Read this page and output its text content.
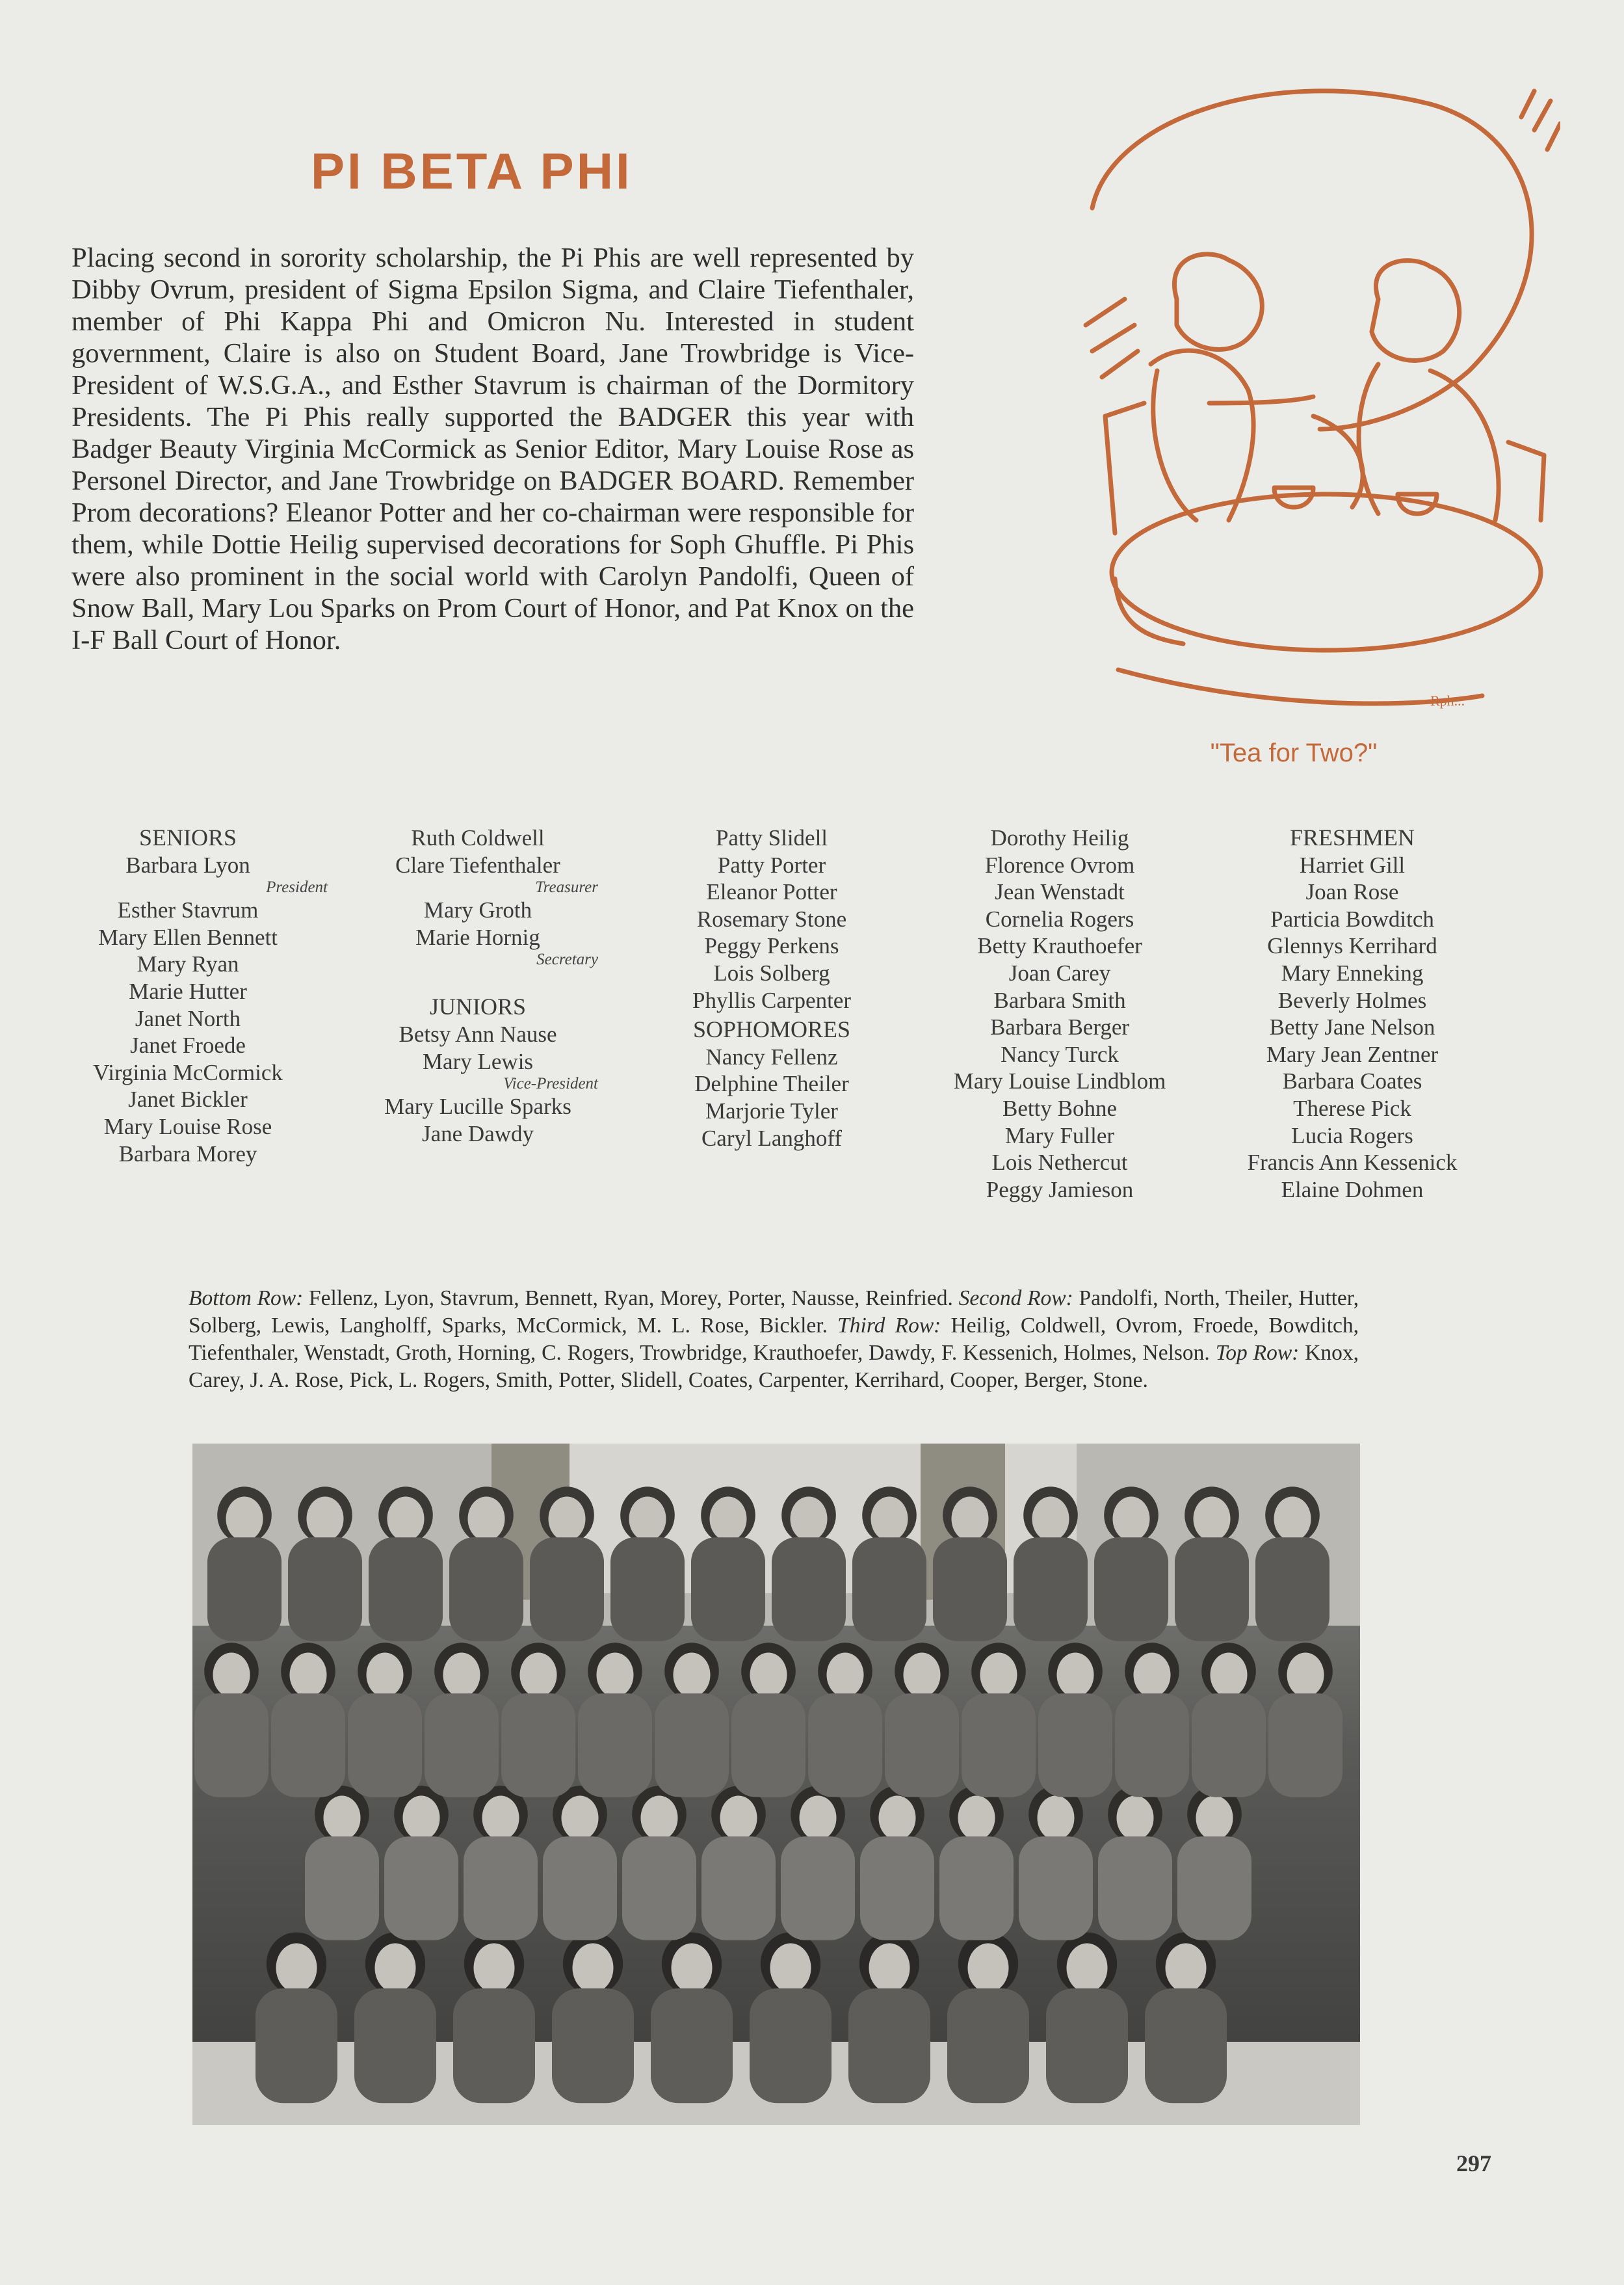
PI BETA PHI

Placing second in sorority scholarship, the Pi Phis are well represented by Dibby Ovrum, president of Sigma Epsilon Sigma, and Claire Tiefenthaler, member of Phi Kappa Phi and Omicron Nu. Interested in student government, Claire is also on Student Board, Jane Trowbridge is Vice-President of W.S.G.A., and Esther Stavrum is chairman of the Dormitory Presidents. The Pi Phis really supported the BADGER this year with Badger Beauty Virginia McCormick as Senior Editor, Mary Louise Rose as Personel Director, and Jane Trowbridge on BADGER BOARD. Remember Prom decorations? Eleanor Potter and her co-chairman were responsible for them, while Dottie Heilig supervised decorations for Soph Ghuffle. Pi Phis were also prominent in the social world with Carolyn Pandolfi, Queen of Snow Ball, Mary Lou Sparks on Prom Court of Honor, and Pat Knox on the I-F Ball Court of Honor.

Rph...
"Tea for Two?"
SENIORS
Barbara Lyon
President
Esther Stavrum
Mary Ellen Bennett
Mary Ryan
Marie Hutter
Janet North
Janet Froede
Virginia McCormick
Janet Bickler
Mary Louise Rose
Barbara Morey
Ruth Coldwell
Clare Tiefenthaler
Treasurer
Mary Groth
Marie Hornig
Secretary
JUNIORS
Betsy Ann Nause
Mary Lewis
Vice-President
Mary Lucille Sparks
Jane Dawdy
Patty Slidell
Patty Porter
Eleanor Potter
Rosemary Stone
Peggy Perkens
Lois Solberg
Phyllis Carpenter
SOPHOMORES
Nancy Fellenz
Delphine Theiler
Marjorie Tyler
Caryl Langhoff
Dorothy Heilig
Florence Ovrom
Jean Wenstadt
Cornelia Rogers
Betty Krauthoefer
Joan Carey
Barbara Smith
Barbara Berger
Nancy Turck
Mary Louise Lindblom
Betty Bohne
Mary Fuller
Lois Nethercut
Peggy Jamieson
FRESHMEN
Harriet Gill
Joan Rose
Particia Bowditch
Glennys Kerrihard
Mary Enneking
Beverly Holmes
Betty Jane Nelson
Mary Jean Zentner
Barbara Coates
Therese Pick
Lucia Rogers
Francis Ann Kessenick
Elaine Dohmen

Bottom Row: Fellenz, Lyon, Stavrum, Bennett, Ryan, Morey, Porter, Nausse, Reinfried. Second Row: Pandolfi, North, Theiler, Hutter, Solberg, Lewis, Langholff, Sparks, McCormick, M. L. Rose, Bickler. Third Row: Heilig, Coldwell, Ovrom, Froede, Bowditch, Tiefenthaler, Wenstadt, Groth, Horning, C. Rogers, Trowbridge, Krauthoefer, Dawdy, F. Kessenich, Holmes, Nelson. Top Row: Knox, Carey, J. A. Rose, Pick, L. Rogers, Smith, Potter, Slidell, Coates, Carpenter, Kerrihard, Cooper, Berger, Stone.

297
